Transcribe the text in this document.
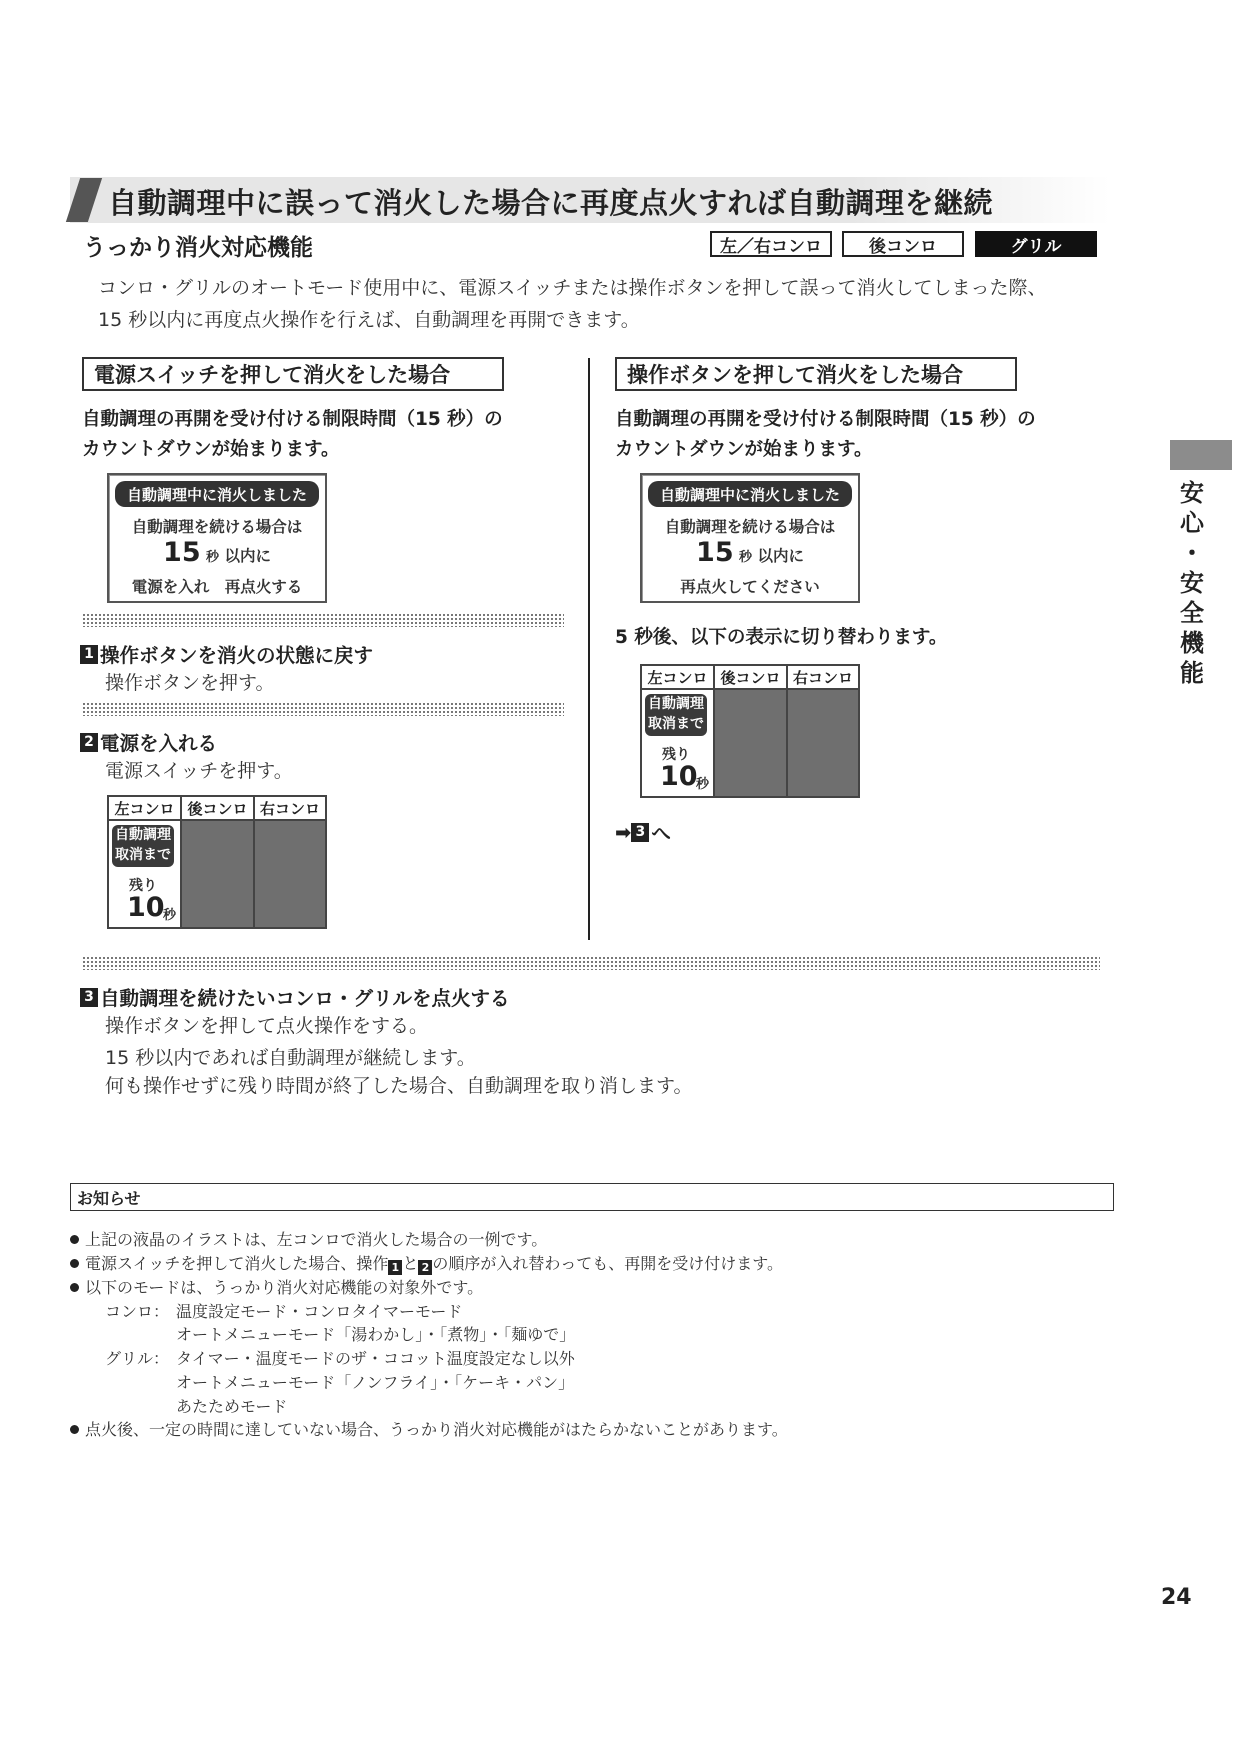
自動調理中に誤って消火した場合に再度点火すれば自動調理を継続
うっかり消火対応機能	左／右コンロ	後コンロ	グリル
コンロ・グリルのオートモード使用中に、電源スイッチまたは操作ボタンを押して誤って消火してしまった際、
15 秒以内に再度点火操作を行えば、自動調理を再開できます。
電源スイッチを押して消火をした場合
自動調理の再開を受け付ける制限時間（15 秒）の
カウントダウンが始まります。
自動調理中に消火しました
自動調理を続ける場合は
15 秒 以内に
電源を入れ　再点火する
1 操作ボタンを消火の状態に戻す
操作ボタンを押す。
2 電源を入れる
電源スイッチを押す。
左コンロ 後コンロ 右コンロ
自動調理
取消まで
残り
10
秒
操作ボタンを押して消火をした場合
自動調理の再開を受け付ける制限時間（15 秒）の
カウントダウンが始まります。
自動調理中に消火しました
自動調理を続ける場合は
15 秒 以内に
再点火してください
5 秒後、以下の表示に切り替わります。
左コンロ 後コンロ 右コンロ
自動調理
取消まで
残り
10
秒
➡ 3 へ
3 自動調理を続けたいコンロ・グリルを点火する
操作ボタンを押して点火操作をする。
15 秒以内であれば自動調理が継続します。
何も操作せずに残り時間が終了した場合、自動調理を取り消します。
お知らせ
上記の液晶のイラストは、左コンロで消火した場合の一例です。
電源スイッチを押して消火した場合、操作 1 と 2 の順序が入れ替わっても、再開を受け付けます。
以下のモードは、うっかり消火対応機能の対象外です。
コンロ： 温度設定モード・コンロタイマーモード
オートメニューモード「湯わかし」・「煮物」・「麺ゆで」
グリル： タイマー・温度モードのザ・ココット温度設定なし以外
オートメニューモード「ノンフライ」・「ケーキ・パン」
あたためモード
点火後、一定の時間に達していない場合、うっかり消火対応機能がはたらかないことがあります。
安
心
・
安
全
機
能
24
